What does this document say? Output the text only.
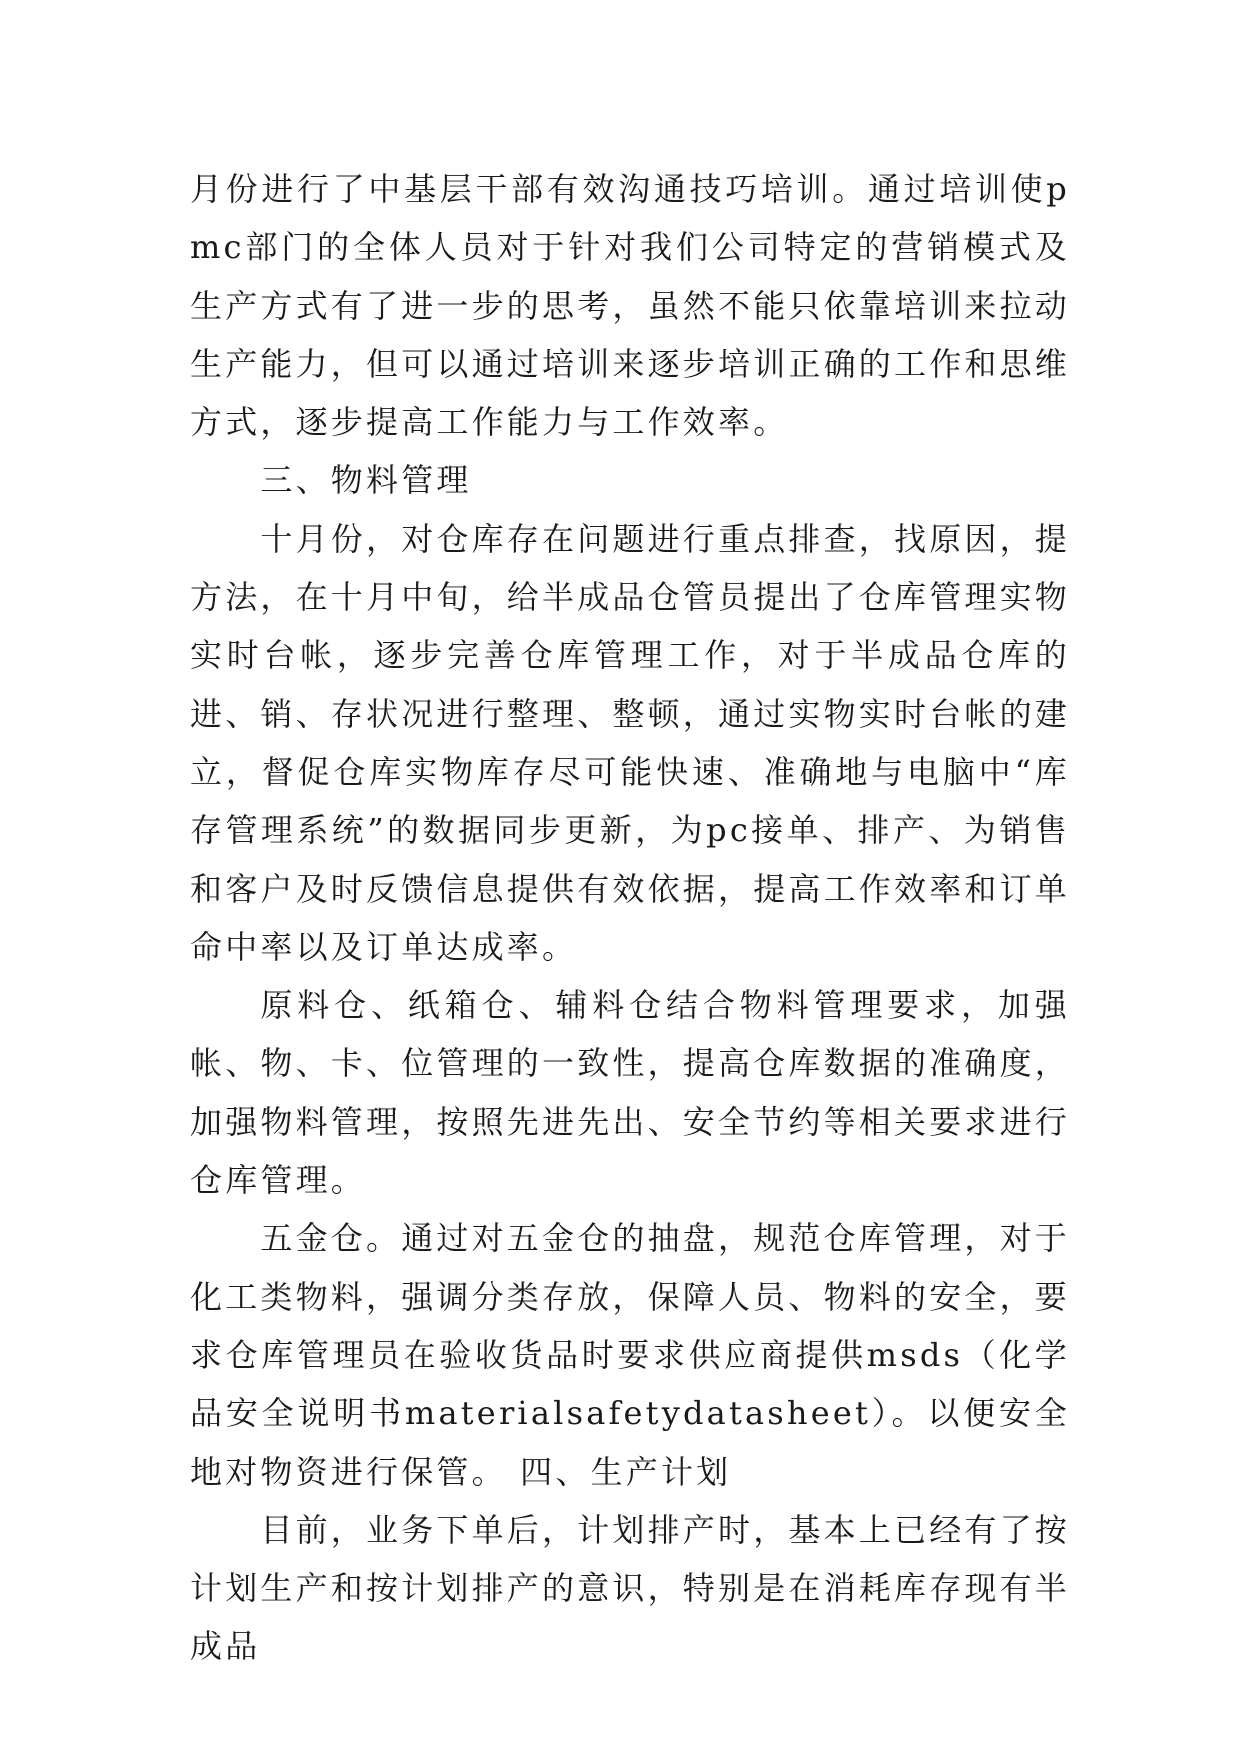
月份进行了中基层干部有效沟通技巧培训。通过培训使pmc部门的全体人员对于针对我们公司特定的营销模式及生产方式有了进一步的思考，虽然不能只依靠培训来拉动生产能力，但可以通过培训来逐步培训正确的工作和思维方式，逐步提高工作能力与工作效率。

三、物料管理

十月份，对仓库存在问题进行重点排查，找原因，提方法，在十月中旬，给半成品仓管员提出了仓库管理实物实时台帐，逐步完善仓库管理工作，对于半成品仓库的进、销、存状况进行整理、整顿，通过实物实时台帐的建立，督促仓库实物库存尽可能快速、准确地与电脑中“库存管理系统”的数据同步更新，为pc接单、排产、为销售和客户及时反馈信息提供有效依据，提高工作效率和订单命中率以及订单达成率。

原料仓、纸箱仓、辅料仓结合物料管理要求，加强帐、物、卡、位管理的一致性，提高仓库数据的准确度，加强物料管理，按照先进先出、安全节约等相关要求进行仓库管理。

五金仓。通过对五金仓的抽盘，规范仓库管理，对于化工类物料，强调分类存放，保障人员、物料的安全，要求仓库管理员在验收货品时要求供应商提供msds（化学品安全说明书materialsafetydatasheet）。以便安全地对物资进行保管。 四、生产计划

目前，业务下单后，计划排产时，基本上已经有了按计划生产和按计划排产的意识，特别是在消耗库存现有半成品
